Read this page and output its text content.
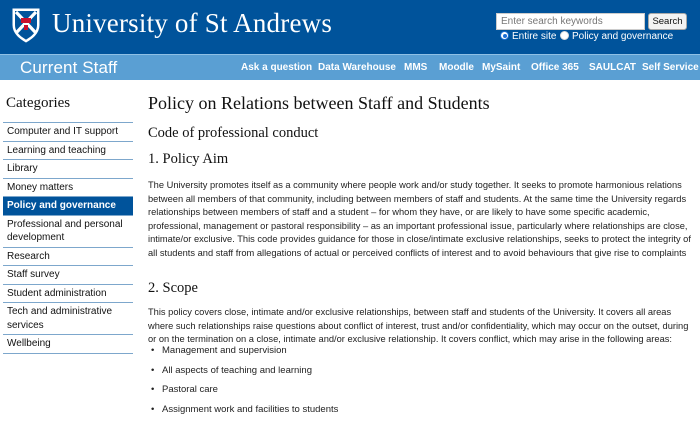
University of St Andrews	Enter search keywords	Search
Entire site	Policy and governance
Current Staff	Ask a question Data Warehouse MMS Moodle MySaint Office 365 SAULCAT Self Service
Categories
Computer and IT support
Learning and teaching
Library
Money matters
Policy and governance
Professional and personal development
Research
Staff survey
Student administration
Tech and administrative services
Wellbeing
Policy on Relations between Staff and Students
Code of professional conduct
1. Policy Aim

The University promotes itself as a community where people work and/or study together. It seeks to promote harmonious relations between all members of that community, including between members of staff and students. At the same time the University regards relationships between members of staff and a student – for whom they have, or are likely to have some specific academic, professional, management or pastoral responsibility – as an important professional issue, particularly where relationships are close, intimate/or exclusive. This code provides guidance for those in close/intimate exclusive relationships, seeks to protect the integrity of all students and staff from allegations of actual or perceived conflicts of interest and to avoid behaviours that give rise to complaints

2. Scope

This policy covers close, intimate and/or exclusive relationships, between staff and students of the University. It covers all areas where such relationships raise questions about conflict of interest, trust and/or confidentiality, which may occur on the outset, during or on the termination on a close, intimate and/or exclusive relationship. It covers conflict, which may arise in the following areas:

• Management and supervision
• All aspects of teaching and learning
• Pastoral care
• Assignment work and facilities to students
